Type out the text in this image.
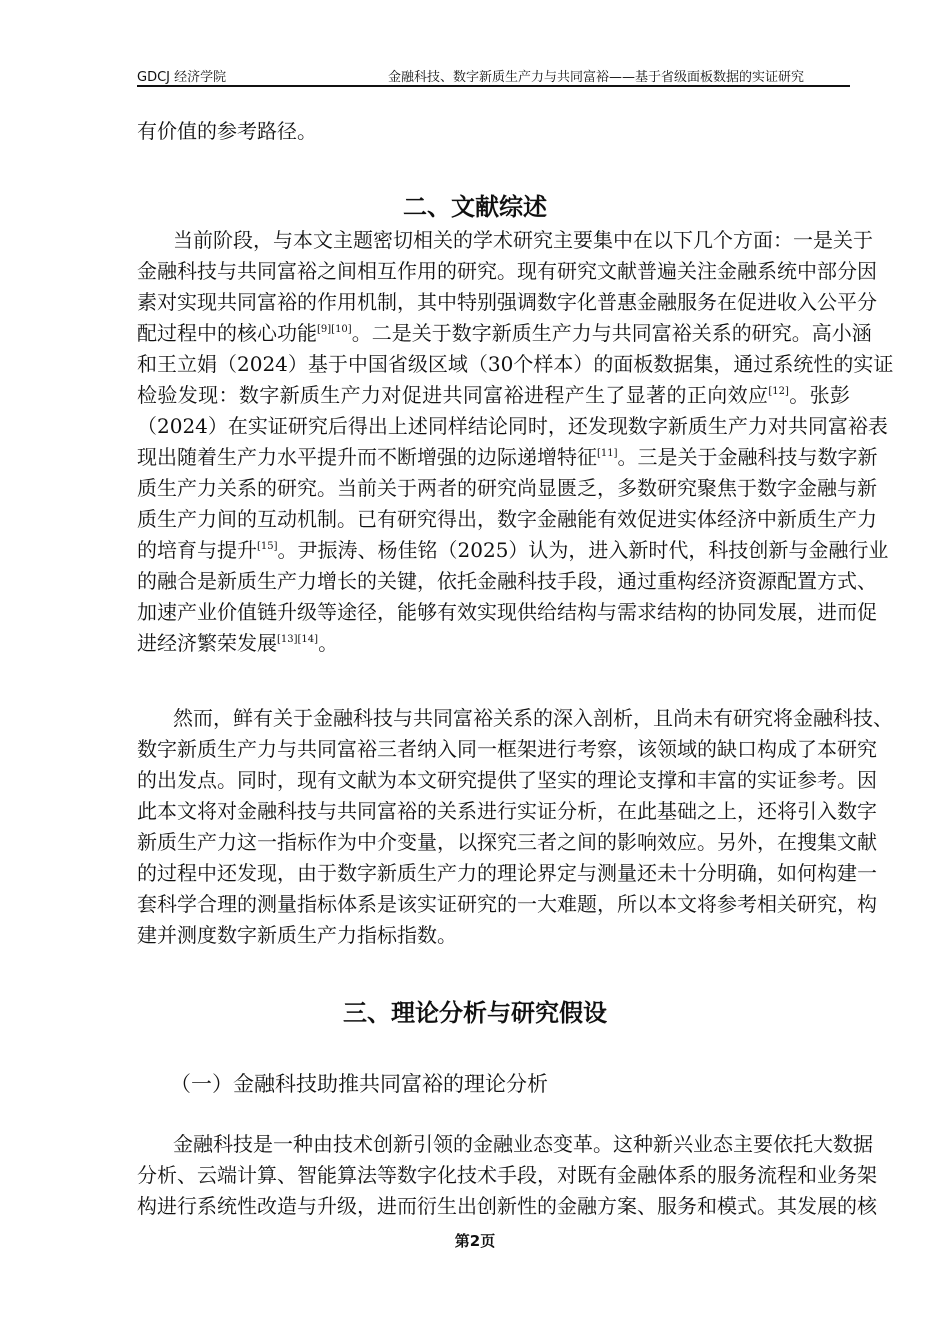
GDCJ 经济学院	金融科技、数字新质生产力与共同富裕——基于省级面板数据的实证研究
有价值的参考路径。
二、文献综述
当前阶段，与本文主题密切相关的学术研究主要集中在以下几个方面：一是关于
金融科技与共同富裕之间相互作用的研究。现有研究文献普遍关注金融系统中部分因
素对实现共同富裕的作用机制，其中特别强调数字化普惠金融服务在促进收入公平分
配过程中的核心功能[9][10]。二是关于数字新质生产力与共同富裕关系的研究。高小涵
和王立娟（2024）基于中国省级区域（30个样本）的面板数据集，通过系统性的实证
检验发现：数字新质生产力对促进共同富裕进程产生了显著的正向效应[12]。张彭
（2024）在实证研究后得出上述同样结论同时，还发现数字新质生产力对共同富裕表
现出随着生产力水平提升而不断增强的边际递增特征[11]。三是关于金融科技与数字新
质生产力关系的研究。当前关于两者的研究尚显匮乏，多数研究聚焦于数字金融与新
质生产力间的互动机制。已有研究得出，数字金融能有效促进实体经济中新质生产力
的培育与提升[15]。尹振涛、杨佳铭（2025）认为，进入新时代，科技创新与金融行业
的融合是新质生产力增长的关键，依托金融科技手段，通过重构经济资源配置方式、
加速产业价值链升级等途径，能够有效实现供给结构与需求结构的协同发展，进而促
进经济繁荣发展[13][14]。
然而，鲜有关于金融科技与共同富裕关系的深入剖析，且尚未有研究将金融科技、
数字新质生产力与共同富裕三者纳入同一框架进行考察，该领域的缺口构成了本研究
的出发点。同时，现有文献为本文研究提供了坚实的理论支撑和丰富的实证参考。因
此本文将对金融科技与共同富裕的关系进行实证分析，在此基础之上，还将引入数字
新质生产力这一指标作为中介变量，以探究三者之间的影响效应。另外，在搜集文献
的过程中还发现，由于数字新质生产力的理论界定与测量还未十分明确，如何构建一
套科学合理的测量指标体系是该实证研究的一大难题，所以本文将参考相关研究，构
建并测度数字新质生产力指标指数。
三、理论分析与研究假设
（一）金融科技助推共同富裕的理论分析
金融科技是一种由技术创新引领的金融业态变革。这种新兴业态主要依托大数据
分析、云端计算、智能算法等数字化技术手段，对既有金融体系的服务流程和业务架
构进行系统性改造与升级，进而衍生出创新性的金融方案、服务和模式。其发展的核
第2页
